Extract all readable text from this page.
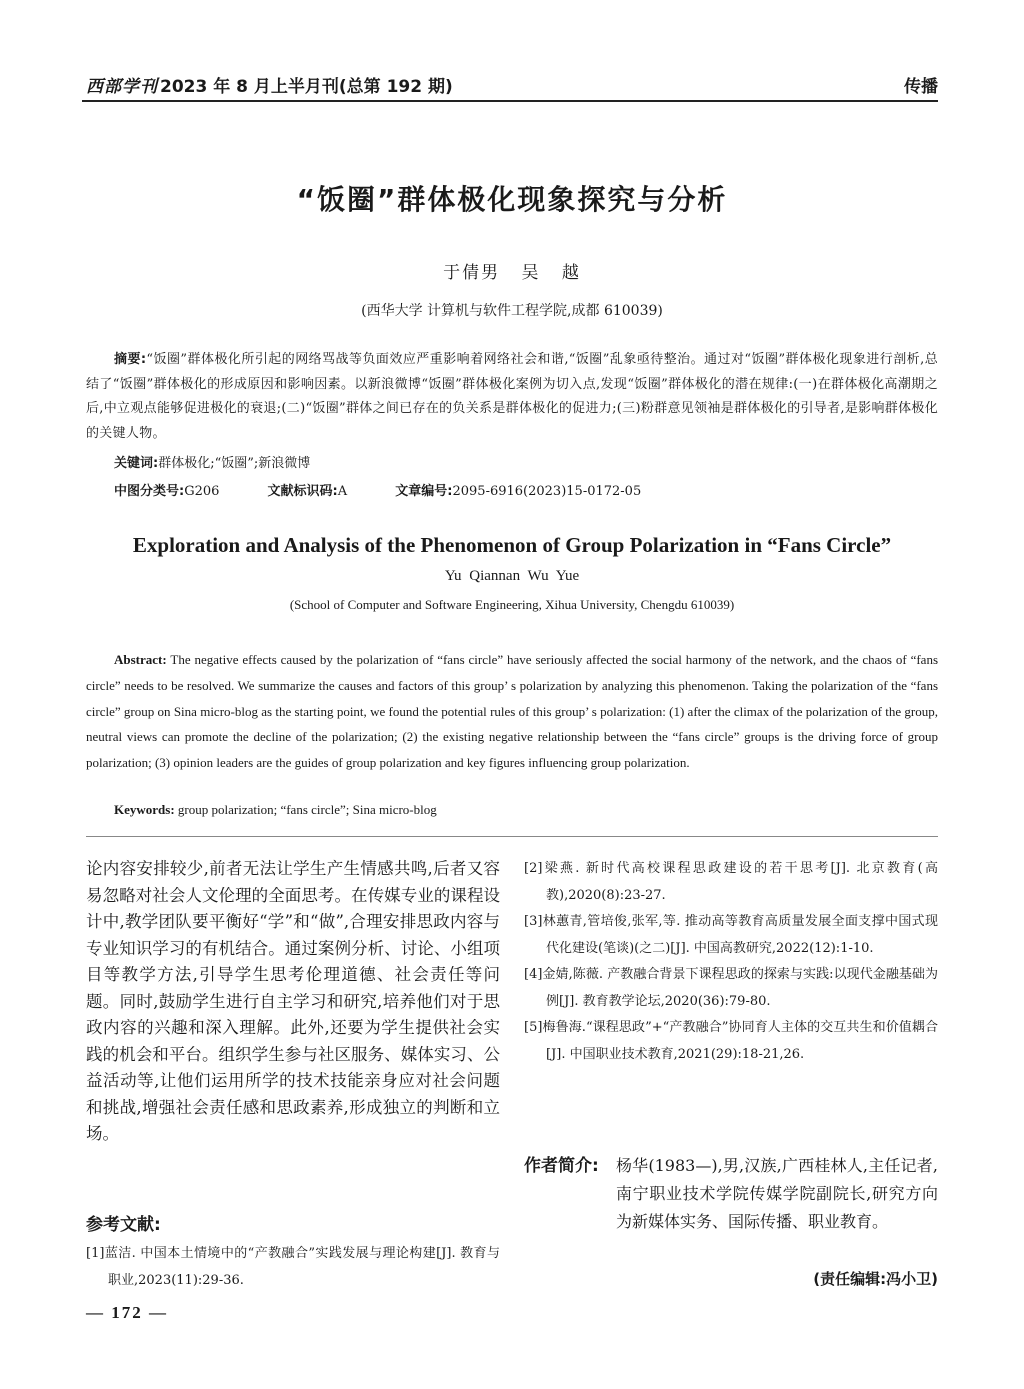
西部学刊 2023 年 8 月上半月刊(总第 192 期)	传播
“饭圈”群体极化现象探究与分析
于倩男 吴 越
(西华大学 计算机与软件工程学院,成都 610039)
摘要:“饭圈”群体极化所引起的网络骂战等负面效应严重影响着网络社会和谐,“饭圈”乱象亟待整治。通过对“饭圈”群体极化现象进行剖析,总结了“饭圈”群体极化的形成原因和影响因素。以新浪微博“饭圈”群体极化案例为切入点,发现“饭圈”群体极化的潜在规律:(一)在群体极化高潮期之后,中立观点能够促进极化的衰退;(二)“饭圈”群体之间已存在的负关系是群体极化的促进力;(三)粉群意见领袖是群体极化的引导者,是影响群体极化的关键人物。
关键词:群体极化;“饭圈”;新浪微博
中图分类号:G206	文献标识码:A	文章编号:2095-6916(2023)15-0172-05
Exploration and Analysis of the Phenomenon of Group Polarization in “Fans Circle”
Yu Qiannan Wu Yue
(School of Computer and Software Engineering, Xihua University, Chengdu 610039)
Abstract: The negative effects caused by the polarization of “fans circle” have seriously affected the social harmony of the network, and the chaos of “fans circle” needs to be resolved. We summarize the causes and factors of this group’ s polarization by analyzing this phenomenon. Taking the polarization of the “fans circle” group on Sina micro-blog as the starting point, we found the potential rules of this group’ s polarization: (1) after the climax of the polarization of the group, neutral views can promote the decline of the polarization; (2) the existing negative relationship between the “fans circle” groups is the driving force of group polarization; (3) opinion leaders are the guides of group polarization and key figures influencing group polarization.
Keywords: group polarization; “fans circle”; Sina micro-blog
论内容安排较少,前者无法让学生产生情感共鸣,后者又容易忽略对社会人文伦理的全面思考。在传媒专业的课程设计中,教学团队要平衡好“学”和“做”,合理安排思政内容与专业知识学习的有机结合。通过案例分析、讨论、小组项目等教学方法,引导学生思考伦理道德、社会责任等问题。同时,鼓励学生进行自主学习和研究,培养他们对于思政内容的兴趣和深入理解。此外,还要为学生提供社会实践的机会和平台。组织学生参与社区服务、媒体实习、公益活动等,让他们运用所学的技术技能亲身应对社会问题和挑战,增强社会责任感和思政素养,形成独立的判断和立场。
参考文献:
[1]蓝洁. 中国本土情境中的“产教融合”实践发展与理论构建[J]. 教育与职业,2023(11):29-36.
[2]梁燕. 新时代高校课程思政建设的若干思考[J]. 北京教育(高教),2020(8):23-27.
[3]林蕙青,管培俊,张军,等. 推动高等教育高质量发展全面支撑中国式现代化建设(笔谈)(之二)[J]. 中国高教研究,2022(12):1-10.
[4]金婧,陈薇. 产教融合背景下课程思政的探索与实践:以现代金融基础为例[J]. 教育教学论坛,2020(36):79-80.
[5]梅鲁海.“课程思政”+“产教融合”协同育人主体的交互共生和价值耦合[J]. 中国职业技术教育,2021(29):18-21,26.
作者简介: 杨华(1983—),男,汉族,广西桂林人,主任记者,南宁职业技术学院传媒学院副院长,研究方向为新媒体实务、国际传播、职业教育。
(责任编辑:冯小卫)
— 172 —
